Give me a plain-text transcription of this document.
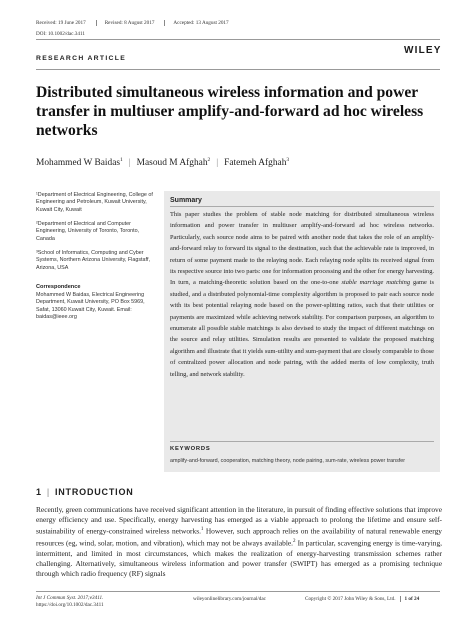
Received: 19 June 2017	Revised: 8 August 2017	Accepted: 13 August 2017
DOI: 10.1002/dac.3411
WILEY
RESEARCH ARTICLE
Distributed simultaneous wireless information and power transfer in multiuser amplify-and-forward ad hoc wireless networks
Mohammed W Baidas$^1$ | Masoud M Afghah$^2$ | Fatemeh Afghah$^3$
¹Department of Electrical Engineering, College of Engineering and Petroleum, Kuwait University, Kuwait City, Kuwait
²Department of Electrical and Computer Engineering, University of Toronto, Toronto, Canada
³School of Informatics, Computing and Cyber Systems, Northern Arizona University, Flagstaff, Arizona, USA
Correspondence
Mohammed W Baidas, Electrical Engineering Department, Kuwait University, PO Box 5969, Safat, 13060 Kuwait City, Kuwait. Email: baidas@ieee.org
Summary
This paper studies the problem of stable node matching for distributed simultaneous wireless information and power transfer in multiuser amplify-and-forward ad hoc wireless networks. Particularly, each source node aims to be paired with another node that takes the role of an amplify-and-forward relay to forward its signal to the destination, such that the achievable rate is improved, in return of some payment made to the relaying node. Each relaying node splits its received signal from its respective source into two parts: one for information processing and the other for energy harvesting. In turn, a matching-theoretic solution based on the one-to-one stable marriage matching game is studied, and a distributed polynomial-time complexity algorithm is proposed to pair each source node with its best potential relaying node based on the power-splitting ratios, such that their utilities or payments are maximized while achieving network stability. For comparison purposes, an algorithm to enumerate all possible stable matchings is also devised to study the impact of different matchings on the source and relay utilities. Simulation results are presented to validate the proposed matching algorithm and illustrate that it yields sum-utility and sum-payment that are closely comparable to those of centralized power allocation and node pairing, with the added merits of low complexity, truth telling, and network stability.
KEYWORDS
amplify-and-forward, cooperation, matching theory, node pairing, sum-rate, wireless power transfer
1 | INTRODUCTION
Recently, green communications have received significant attention in the literature, in pursuit of finding effective solutions that improve energy efficiency and use. Specifically, energy harvesting has emerged as a viable approach to prolong the lifetime and ensure self-sustainability of energy-constrained wireless networks.$^1$ However, such approach relies on the availability of natural renewable energy resources (eg, wind, solar, motion, and vibration), which may not be always available.$^2$ In particular, scavenging energy is time-varying, intermittent, and limited in most circumstances, which makes the realization of energy-harvesting transmission schemes rather challenging. Alternatively, simultaneous wireless information and power transfer (SWIPT) has emerged as a promising technique through which radio frequency (RF) signals
Int J Commun Syst. 2017;e3411.
https://doi.org/10.1002/dac.3411
wileyonlinelibrary.com/journal/dac	Copyright © 2017 John Wiley & Sons, Ltd. 1 of 24
